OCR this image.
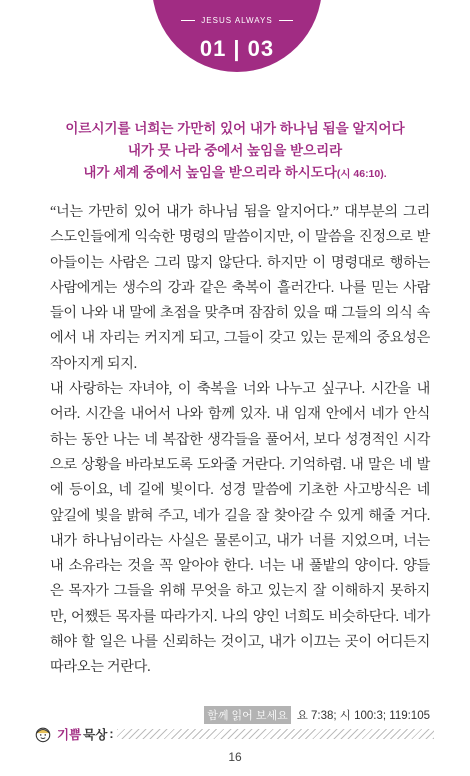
JESUS ALWAYS
01 | 03
이르시기를 너희는 가만히 있어 내가 하나님 됨을 알지어다
내가 뭇 나라 중에서 높임을 받으리라
내가 세계 중에서 높임을 받으리라 하시도다(시 46:10).
“너는 가만히 있어 내가 하나님 됨을 알지어다.” 대부분의 그리
스도인들에게 익숙한 명령의 말씀이지만, 이 말씀을 진정으로 받
아들이는 사람은 그리 많지 않단다. 하지만 이 명령대로 행하는
사람에게는 생수의 강과 같은 축복이 흘러간다. 나를 믿는 사람
들이 나와 내 말에 초점을 맞추며 잠잠히 있을 때 그들의 의식 속
에서 내 자리는 커지게 되고, 그들이 갖고 있는 문제의 중요성은
작아지게 되지.
내 사랑하는 자녀야, 이 축복을 너와 나누고 싶구나. 시간을 내
어라. 시간을 내어서 나와 함께 있자. 내 임재 안에서 네가 안식
하는 동안 나는 네 복잡한 생각들을 풀어서, 보다 성경적인 시각
으로 상황을 바라보도록 도와줄 거란다. 기억하렴. 내 말은 네 발
에 등이요, 네 길에 빛이다. 성경 말씀에 기초한 사고방식은 네
앞길에 빛을 밝혀 주고, 네가 길을 잘 찾아갈 수 있게 해줄 거다.
내가 하나님이라는 사실은 물론이고, 내가 너를 지었으며, 너는
내 소유라는 것을 꼭 알아야 한다. 너는 내 풀밭의 양이다. 양들
은 목자가 그들을 위해 무엇을 하고 있는지 잘 이해하지 못하지
만, 어쨌든 목자를 따라가지. 나의 양인 너희도 비슷하단다. 네가
해야 할 일은 나를 신뢰하는 것이고, 내가 이끄는 곳이 어디든지
따라오는 거란다.
함께 읽어 보세요 요 7:38; 시 100:3; 119:105
기쁨 묵상 :
16
